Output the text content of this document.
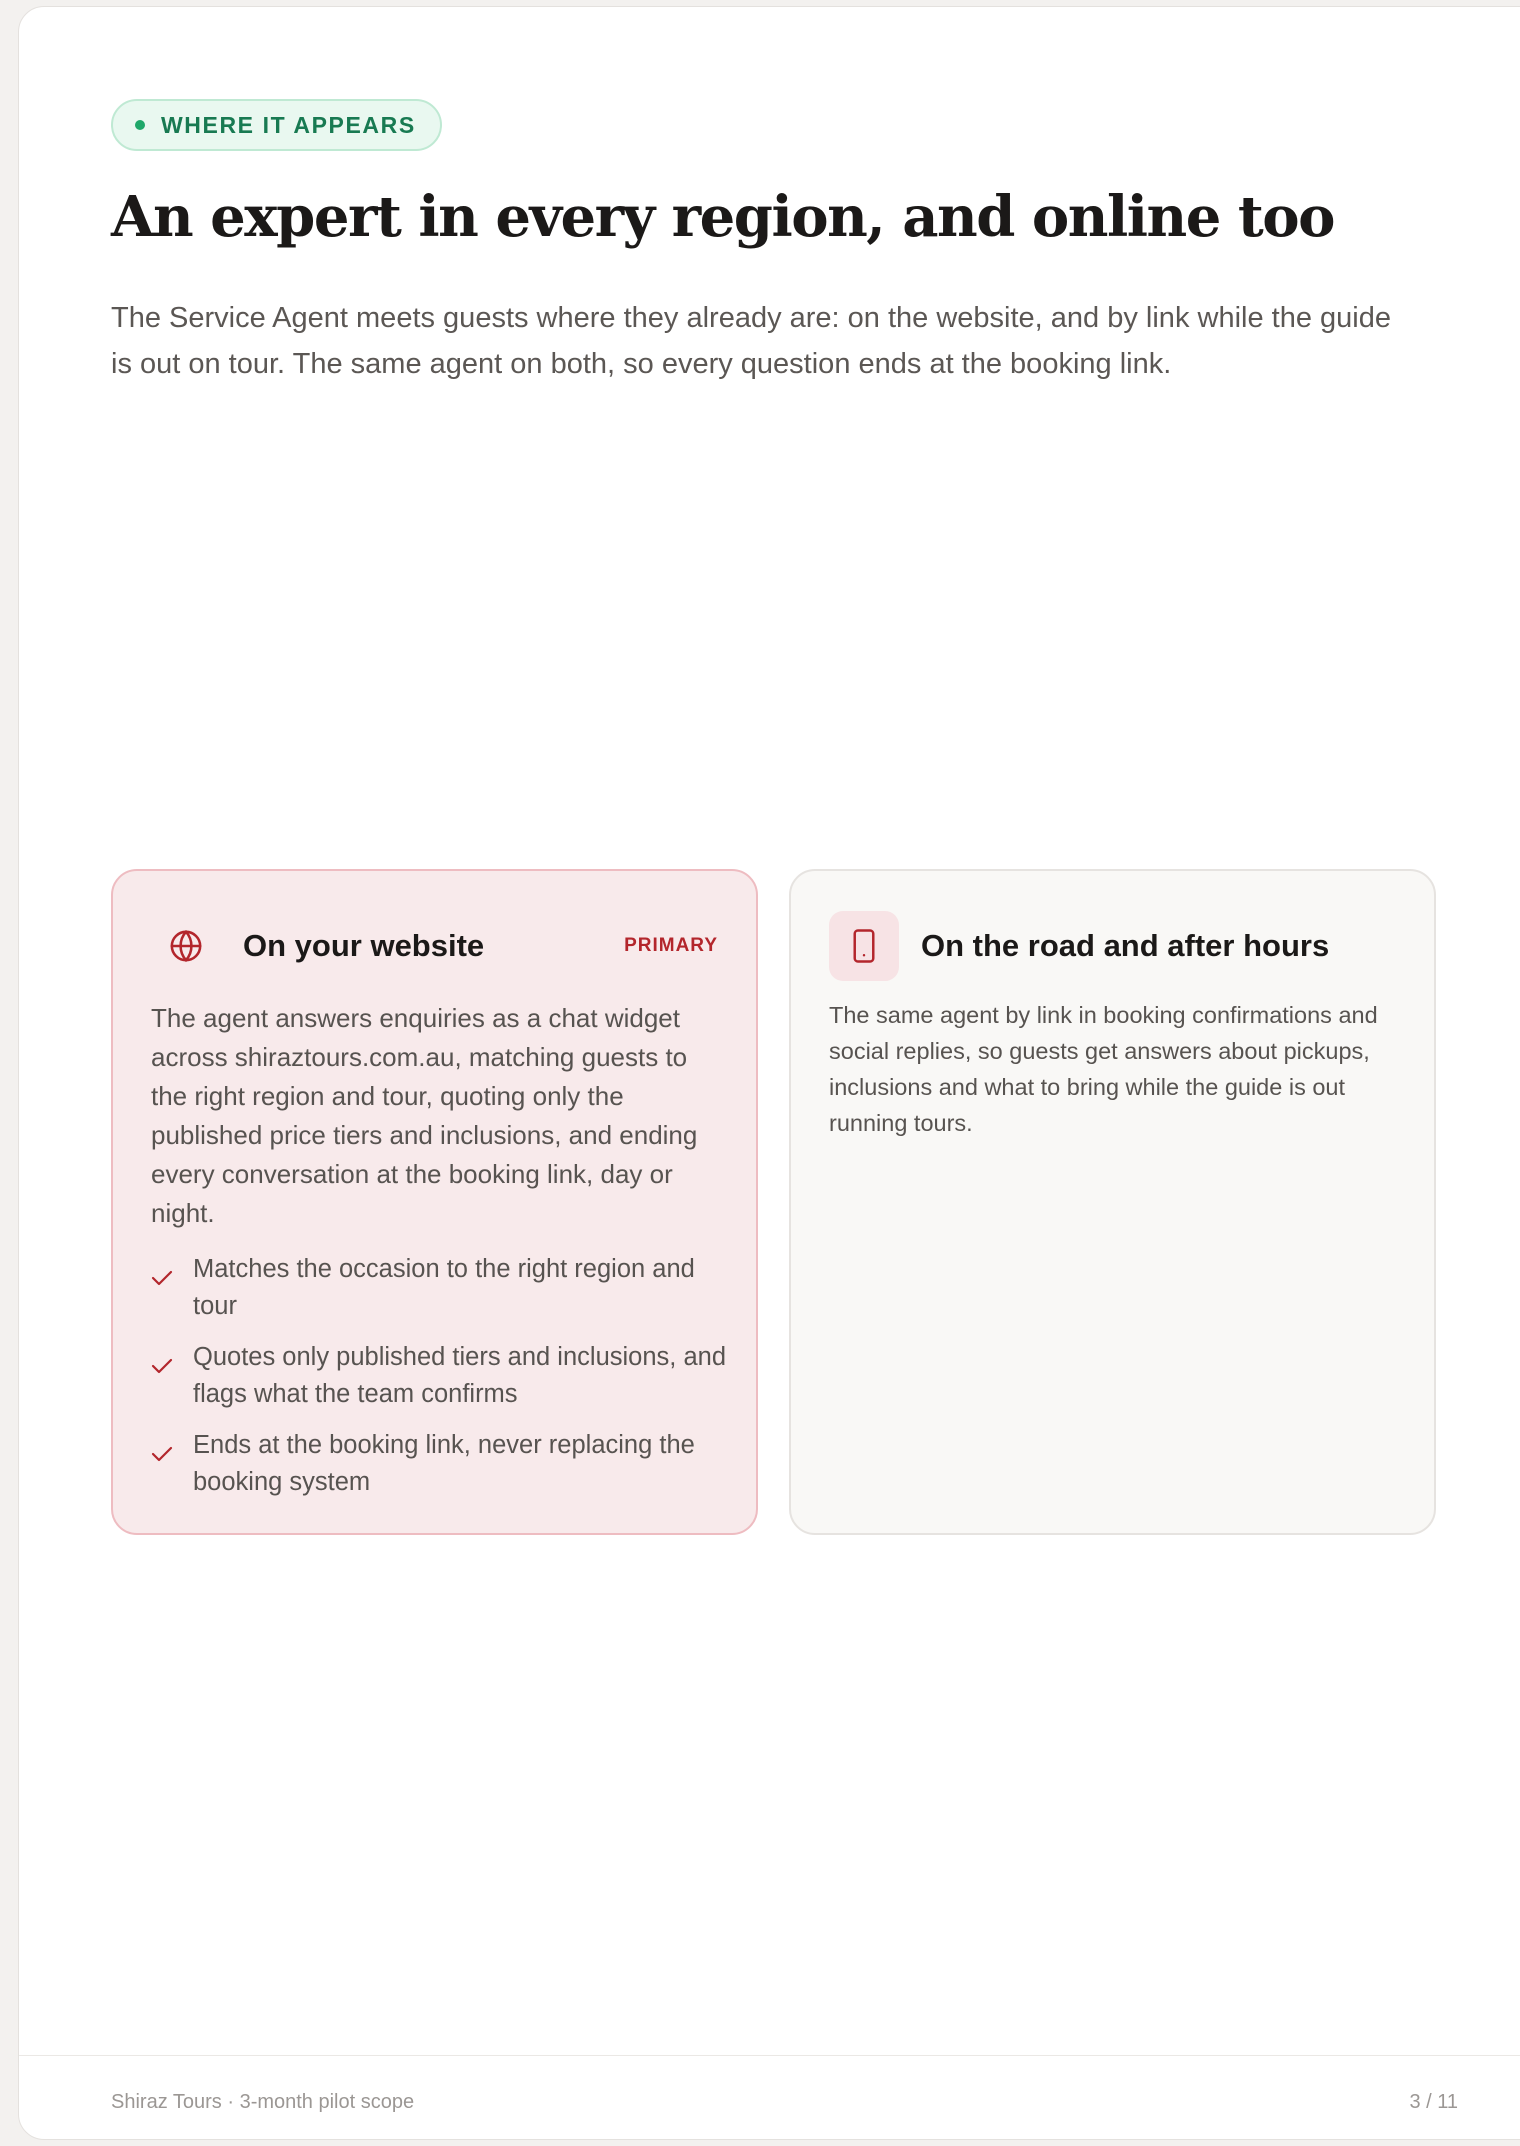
WHERE IT APPEARS
An expert in every region, and online too

The Service Agent meets guests where they already are: on the website, and by link while the guide is out on tour. The same agent on both, so every question ends at the booking link.

On your website	PRIMARY

The agent answers enquiries as a chat widget across shiraztours.com.au, matching guests to the right region and tour, quoting only the published price tiers and inclusions, and ending every conversation at the booking link, day or night.

Matches the occasion to the right region and tour
Quotes only published tiers and inclusions, and flags what the team confirms
Ends at the booking link, never replacing the booking system
On the road and after hours

The same agent by link in booking confirmations and social replies, so guests get answers about pickups, inclusions and what to bring while the guide is out running tours.

Shiraz Tours · 3-month pilot scope	3 / 11
